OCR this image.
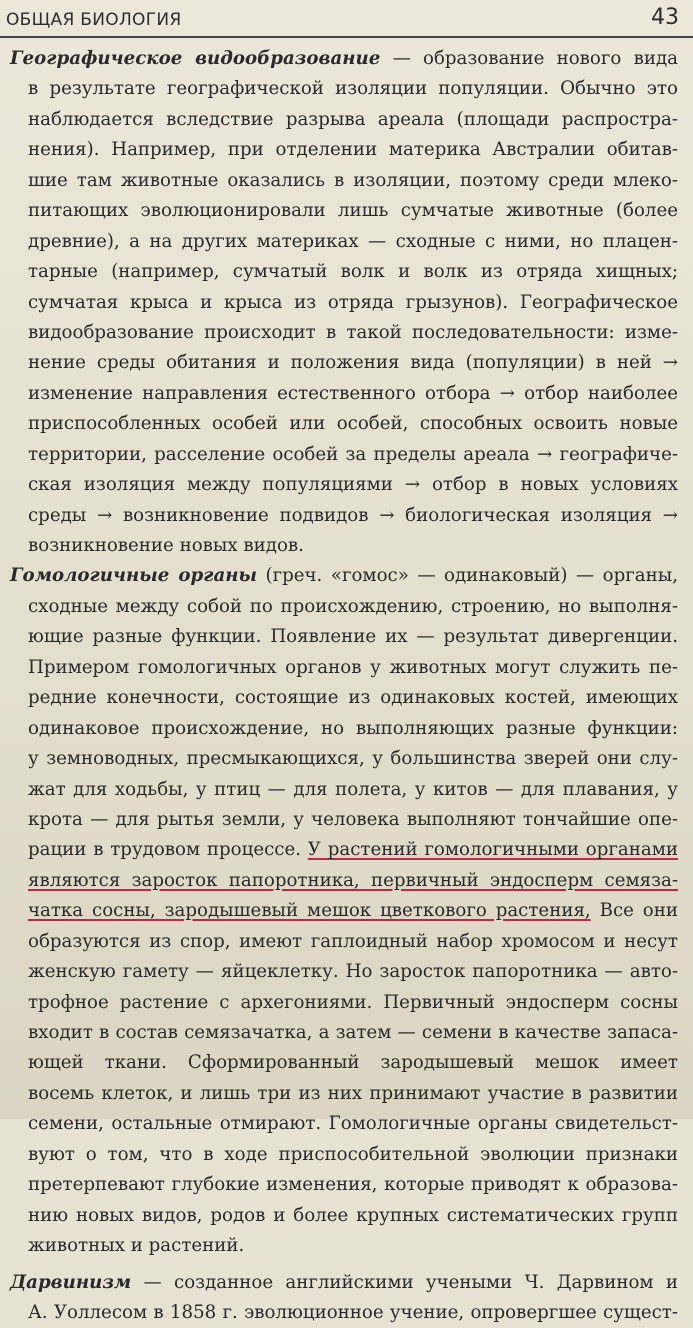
ОБЩАЯ БИОЛОГИЯ	43
Географическое видообразование — образование нового вида
в результате географической изоляции популяции. Обычно это
наблюдается вследствие разрыва ареала (площади распростра-
нения). Например, при отделении материка Австралии обитав-
шие там животные оказались в изоляции, поэтому среди млеко-
питающих эволюционировали лишь сумчатые животные (более
древние), а на других материках — сходные с ними, но плацен-
тарные (например, сумчатый волк и волк из отряда хищных;
сумчатая крыса и крыса из отряда грызунов). Географическое
видообразование происходит в такой последовательности: изме-
нение среды обитания и положения вида (популяции) в ней →
изменение направления естественного отбора → отбор наиболее
приспособленных особей или особей, способных освоить новые
территории, расселение особей за пределы ареала → географиче-
ская изоляция между популяциями → отбор в новых условиях
среды → возникновение подвидов → биологическая изоляция →
возникновение новых видов.
Гомологичные органы (греч. «гомос» — одинаковый) — органы,
сходные между собой по происхождению, строению, но выполня-
ющие разные функции. Появление их — результат дивергенции.
Примером гомологичных органов у животных могут служить пе-
редние конечности, состоящие из одинаковых костей, имеющих
одинаковое происхождение, но выполняющих разные функции:
у земноводных, пресмыкающихся, у большинства зверей они слу-
жат для ходьбы, у птиц — для полета, у китов — для плавания, у
крота — для рытья земли, у человека выполняют тончайшие опе-
рации в трудовом процессе. У растений гомологичными органами
являются заросток папоротника, первичный эндосперм семяза-
чатка сосны, зародышевый мешок цветкового растения, Все они
образуются из спор, имеют гаплоидный набор хромосом и несут
женскую гамету — яйцеклетку. Но заросток папоротника — авто-
трофное растение с архегониями. Первичный эндосперм сосны
входит в состав семязачатка, а затем — семени в качестве запаса-
ющей ткани. Сформированный зародышевый мешок имеет
восемь клеток, и лишь три из них принимают участие в развитии
семени, остальные отмирают. Гомологичные органы свидетельст-
вуют о том, что в ходе приспособительной эволюции признаки
претерпевают глубокие изменения, которые приводят к образова-
нию новых видов, родов и более крупных систематических групп
животных и растений.
Дарвинизм — созданное английскими учеными Ч. Дарвином и
А. Уоллесом в 1858 г. эволюционное учение, опровергшее сущест-
